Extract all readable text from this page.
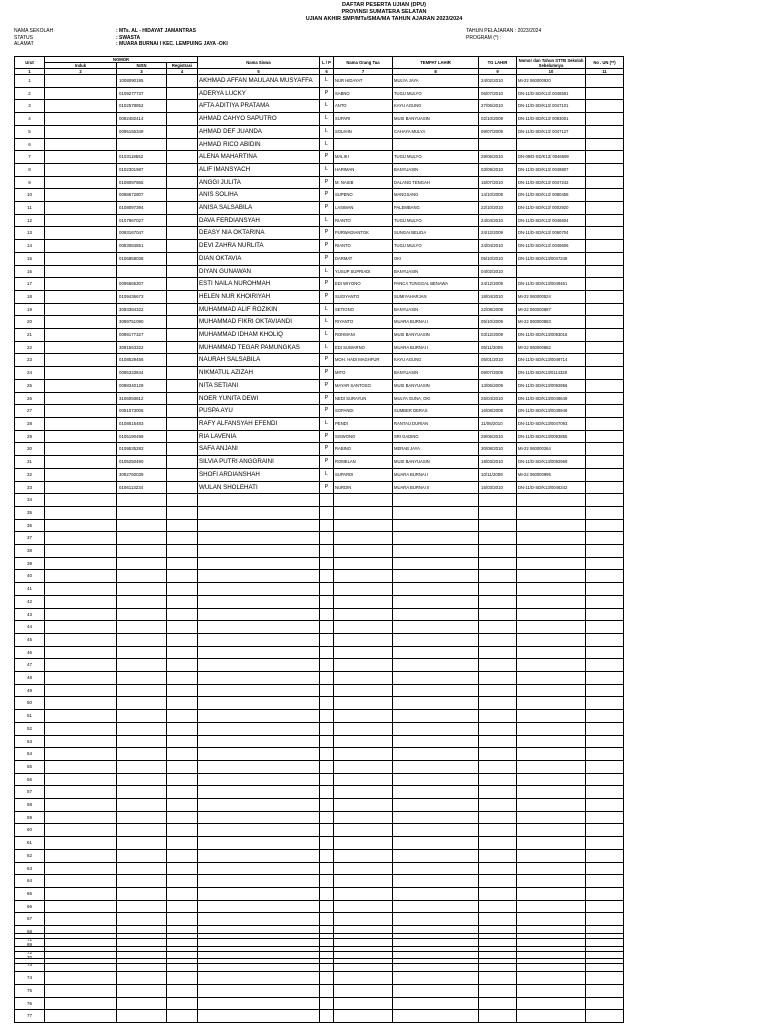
DAFTAR PESERTA UJIAN (DPU)
PROVINSI SUMATERA SELATAN
UJIAN AKHIR SMP/MTs/SMA/MA TAHUN AJARAN 2023/2024
NAMA SEKOLAH
STATUS
ALAMAT
: MTs. AL - HIDAYAT JAMANTRAS
: SWASTA
: MUARA BURNAI I KEC. LEMPUING JAYA -OKI
TAHUN PELAJARAN : 2023/2024
PROGRAM (*) :
Urut	NOMOR			Nama Siswa	L / P	Nama Orang Tua	TEMPAT LAHIR	TG LAHIR	Nomor dan Tahun STTB Sekolah Sebelumnya	No . UN (**)
	Induk	NISN	Registrasi							
1	2	3	4	5	6	7	8	9	10	11
1		1008090195		AKHMAD AFFAN MAULANA MUSYAFFA	L	NUR HIDAYAT	MULYA JAYA	24/02/2010	MI-22 060000920	
2		0109277737		ADERYA LUCKY	P	SABNO	TUGU MULYO	06/07/2010	DN-11/D-SD/K13/ 0046591	
3		0102578852		AFTA ADITIYA PRATAMA	L	ANTO	KAYU AGUNG	27/06/2010	DN-11/D-SD/K13/ 0047101	
4		0092482414		AHMAD CAHYO SAPUTRO	L	SUPARI	MUSI BANYUASIN	02/10/2009	DN-11/D-SD/K13/ 0093001	
5		0095155349		AHMAD DEF JUANDA	L	SOLIHIN	CAHAYA MULYA	09/07/2009	DN-11/D-SD/K13/ 0047127	
6				AHMAD RICO ABIDIN	L					
7		0103118552		ALENA MAHARTINA	P	MALIKI	TUGU MULYO	29/06/2010	DN-09/D-SD/K13/ 0046599	
8		0102301987		ALIF IMANSYACH	L	HARIMAN	BANYUASIN	03/09/2010	DN-11/D-SD/K13/ 0049807	
9		0108097865		ANGGI JULITA	P	M. NASIB	DALANG TENGAH	15/07/2010	DN-11/D-SD/K13/ 0047242	
10		0098672807		ANIS SOLIHA	P	SUPENO	MANGSANG	14/10/2009	DN-11/D-SD/K13/ 0090458	
11		0108097394		ANISA SALSABILA	P	LASIMAN	PALEMBANG	22/10/2010	DN-11/D-SD/K13/ 0002920	
12		0107967027		DAVA FERDIANSYAH	L	RIANTO	TUGU MULYO	24/04/2010	DN-11/D-SD/K13/ 0046604	
13		0093167047		DEASY NIA OKTARINA	P	PURWADIANTOK	SUNGAI BELIDA	24/12/2009	DN-11/D-SD/K13/ 0090704	
14		0093084851		DEVI ZAHRA NURLITA	P	RIANTO	TUGU MULYO	24/04/2010	DN-11/D-SD/K13/ 0046606	
15		0106859038		DIAN OKTAVIA	P	DARMAT	OKI	05/10/2010	DN-11/D-SD/K13/0047249	
16				DIYAN GUNAWAN	L	YUSUP SUPRIADI	BANYUASIN	04/02/2010		
17		0095665307		ESTI NAILA NUROHMAH	P	EDI WIYONO	PANCA TUNGGAL BENAWA	24/12/2009	DN-11/D-SD/K13/0049461	
18		0109436673		HELEN NUR KHOIRIYAH	P	SUGIYANTO	SUMIYAHARJAN	18/04/2010	MI-22 060000524	
19		3093384322		MUHAMMAD ALIF ROZIKIN	L	SETIONO	BANYUASIN	22/08/2009	MI-22 060000887	
20		3099751090		MUHAMMAD FIKRI OKTAVIANDI	L	RIYANTO	MUARA BURNAI I	05/10/2009	MI-22 060000883	
21		0099177327		MUHAMMAD IDHAM KHOLIQ	L	ROHMANI	MUSI BANYUASIN	03/12/2009	DN-11/D-SD/K13/0093016	
22		3091563322		MUHAMMAD TEGAR PAMUNGKAS	L	EDI SUWARNO	MUARA BURNAI I	05/11/2009	MI-22 060000882	
23		0108529456		NAURAH SALSABILA	P	MOH. HADI MAGHFUR	KAYU AGUNG	05/01/2010	DN-11/D-SD/K13/0049714	
24		0095333844		NIKMATUL AZIZAH	P	MITO	BANYUASIN	09/07/2009	DN-11/D-SD/K13/0114328	
25		0098340129		NITA SETIANI	P	MAYAR SANTOSO	MUSI BANYUASIN	13/06/2009	DN-11/D-SD/K13/0092956	
26		3106093812		NOER YUNITA DEWI	P	NEDI SURAYUN	MULYA GUNA, OKI	25/04/2010	DN-11/D-SD/K13/0049649	
27		0091073006		PUSPA AYU	P	SOPANDI	SUMBER DERAS	16/08/2009	DN-11/D-SD/K13/0049948	
28		0108615483		RAFY ALFANSYAH EFENDI	L	PENDI	RANTAU DURIAN	11/06/2010	DN-11/D-SD/K13/0047093	
29		0105190499		RIA LAVENIA	P	SISWONO	SRI GADING	29/06/2010	DN-11/D-SD/K13/0093855	
30		0109535283		SAFA ANJANI	P	RABINO	MERAB JAYA	30/08/2010	MI-22 060000264	
31		0105250490		SILVIA PUTRI ANGGRAINI	P	ROMELAN	MUSI BANYUASIN	18/03/2010	DN-11/D-SD/K13/0092959	
32		3092760039		SHOFI ARDIANSHAH	L	SUPARDI	MUARA BURNAI I	10/11/2009	MI-22 060000995	
33		0106113234		WULAN SHOLEHATI	P	NURDIN	MUARA BURNAI II	15/03/2010	DN-11/D-SD/K13/0046342	
34										
35										
36										
37										
38										
39										
40										
41										
42										
43										
44										
45										
46										
47										
48										
49										
50										
51										
52										
53										
54										
55										
56										
57										
58										
59										
60										
61										
62										
63										
64										
65										
66										
67										
68										
69										
70										
71										
72										
73										
74										
75										
76										
77										
